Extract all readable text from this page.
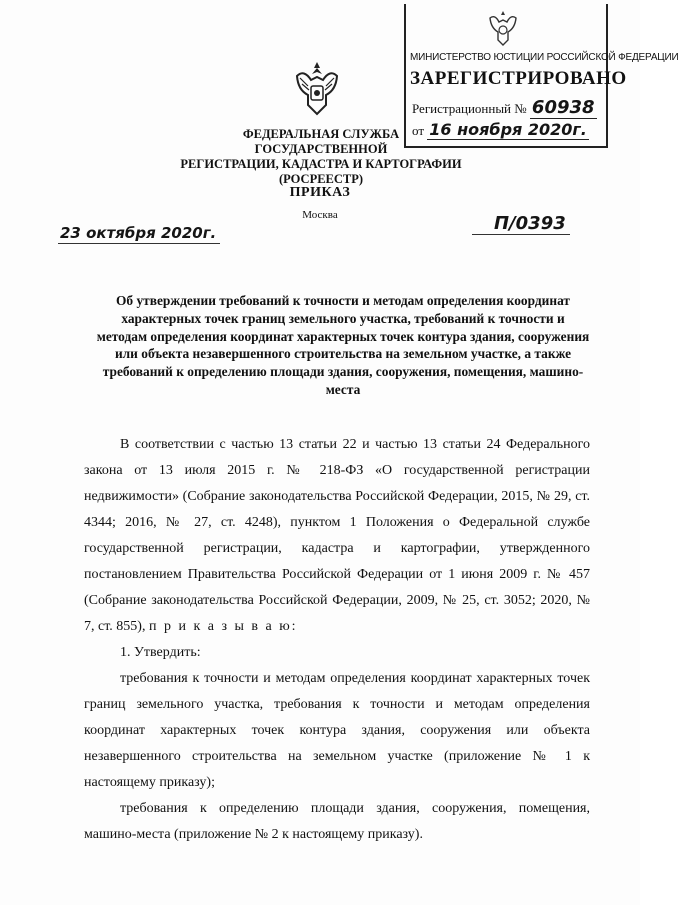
МИНИСТЕРСТВО ЮСТИЦИИ РОССИЙСКОЙ ФЕДЕРАЦИИ
ЗАРЕГИСТРИРОВАНО
Регистрационный № 60938
от 16 ноября 2020г.
ФЕДЕРАЛЬНАЯ СЛУЖБА ГОСУДАРСТВЕННОЙ
РЕГИСТРАЦИИ, КАДАСТРА И КАРТОГРАФИИ
(РОСРЕЕСТР)
ПРИКАЗ
Москва
23 октября 2020г.	П/0393
Об утверждении требований к точности и методам определения координат характерных точек границ земельного участка, требований к точности и методам определения координат характерных точек контура здания, сооружения или объекта незавершенного строительства на земельном участке, а также требований к определению площади здания, сооружения, помещения, машино-места

В соответствии с частью 13 статьи 22 и частью 13 статьи 24 Федерального закона от 13 июля 2015 г. № 218-ФЗ «О государственной регистрации недвижимости» (Собрание законодательства Российской Федерации, 2015, № 29, ст. 4344; 2016, № 27, ст. 4248), пунктом 1 Положения о Федеральной службе государственной регистрации, кадастра и картографии, утвержденного постановлением Правительства Российской Федерации от 1 июня 2009 г. № 457 (Собрание законодательства Российской Федерации, 2009, № 25, ст. 3052; 2020, № 7, ст. 855), п р и к а з ы в а ю:

1. Утвердить:

требования к точности и методам определения координат характерных точек границ земельного участка, требования к точности и методам определения координат характерных точек контура здания, сооружения или объекта незавершенного строительства на земельном участке (приложение № 1 к настоящему приказу);

требования к определению площади здания, сооружения, помещения, машино-места (приложение № 2 к настоящему приказу).
